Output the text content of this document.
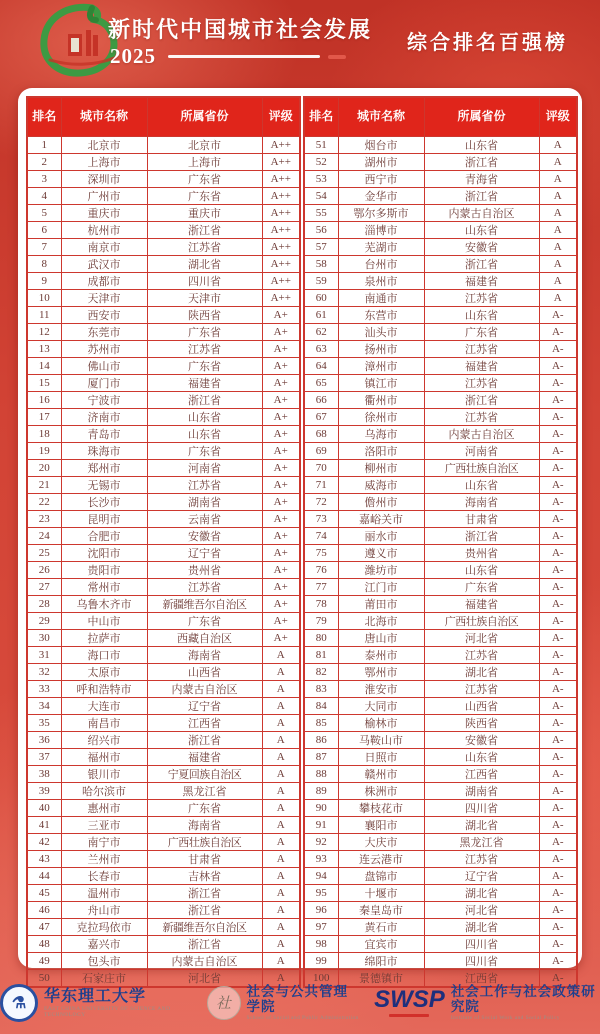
新时代中国城市社会发展
2025
综合排名百强榜
排名	城市名称	所属省份	评级
1	北京市	北京市	A++
2	上海市	上海市	A++
3	深圳市	广东省	A++
4	广州市	广东省	A++
5	重庆市	重庆市	A++
6	杭州市	浙江省	A++
7	南京市	江苏省	A++
8	武汉市	湖北省	A++
9	成都市	四川省	A++
10	天津市	天津市	A++
11	西安市	陕西省	A+
12	东莞市	广东省	A+
13	苏州市	江苏省	A+
14	佛山市	广东省	A+
15	厦门市	福建省	A+
16	宁波市	浙江省	A+
17	济南市	山东省	A+
18	青岛市	山东省	A+
19	珠海市	广东省	A+
20	郑州市	河南省	A+
21	无锡市	江苏省	A+
22	长沙市	湖南省	A+
23	昆明市	云南省	A+
24	合肥市	安徽省	A+
25	沈阳市	辽宁省	A+
26	贵阳市	贵州省	A+
27	常州市	江苏省	A+
28	乌鲁木齐市	新疆维吾尔自治区	A+
29	中山市	广东省	A+
30	拉萨市	西藏自治区	A+
31	海口市	海南省	A
32	太原市	山西省	A
33	呼和浩特市	内蒙古自治区	A
34	大连市	辽宁省	A
35	南昌市	江西省	A
36	绍兴市	浙江省	A
37	福州市	福建省	A
38	银川市	宁夏回族自治区	A
39	哈尔滨市	黑龙江省	A
40	惠州市	广东省	A
41	三亚市	海南省	A
42	南宁市	广西壮族自治区	A
43	兰州市	甘肃省	A
44	长春市	吉林省	A
45	温州市	浙江省	A
46	舟山市	浙江省	A
47	克拉玛依市	新疆维吾尔自治区	A
48	嘉兴市	浙江省	A
49	包头市	内蒙古自治区	A
50	石家庄市	河北省	A
排名	城市名称	所属省份	评级
51	烟台市	山东省	A
52	湖州市	浙江省	A
53	西宁市	青海省	A
54	金华市	浙江省	A
55	鄂尔多斯市	内蒙古自治区	A
56	淄博市	山东省	A
57	芜湖市	安徽省	A
58	台州市	浙江省	A
59	泉州市	福建省	A
60	南通市	江苏省	A
61	东营市	山东省	A-
62	汕头市	广东省	A-
63	扬州市	江苏省	A-
64	漳州市	福建省	A-
65	镇江市	江苏省	A-
66	衢州市	浙江省	A-
67	徐州市	江苏省	A-
68	乌海市	内蒙古自治区	A-
69	洛阳市	河南省	A-
70	柳州市	广西壮族自治区	A-
71	威海市	山东省	A-
72	儋州市	海南省	A-
73	嘉峪关市	甘肃省	A-
74	丽水市	浙江省	A-
75	遵义市	贵州省	A-
76	潍坊市	山东省	A-
77	江门市	广东省	A-
78	莆田市	福建省	A-
79	北海市	广西壮族自治区	A-
80	唐山市	河北省	A-
81	泰州市	江苏省	A-
82	鄂州市	湖北省	A-
83	淮安市	江苏省	A-
84	大同市	山西省	A-
85	榆林市	陕西省	A-
86	马鞍山市	安徽省	A-
87	日照市	山东省	A-
88	赣州市	江西省	A-
89	株洲市	湖南省	A-
90	攀枝花市	四川省	A-
91	襄阳市	湖北省	A-
92	大庆市	黑龙江省	A-
93	连云港市	江苏省	A-
94	盘锦市	辽宁省	A-
95	十堰市	湖北省	A-
96	秦皇岛市	河北省	A-
97	黄石市	湖北省	A-
98	宜宾市	四川省	A-
99	绵阳市	四川省	A-
100	景德镇市	江西省	A-
⚗	华东理工大学
EAST CHINA UNIVERSITY OF SCIENCE AND TECHNOLOGY
社
社会与公共管理学院
School of Social and Public Administration
SWSP 社会工作与社会政策研究院
Institute of Social Work and Social Policy
